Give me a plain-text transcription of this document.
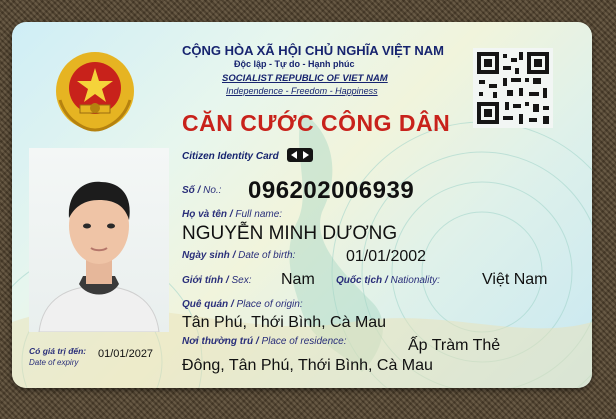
CỘNG HÒA XÃ HỘI CHỦ NGHĨA VIỆT NAM
Độc lập - Tự do - Hạnh phúc
SOCIALIST REPUBLIC OF VIET NAM
Independence - Freedom - Happiness
CĂN CƯỚC CÔNG DÂN
Citizen Identity Card
Số / No.: 096202006939
Họ và tên / Full name:
NGUYỄN MINH DƯƠNG
Ngày sinh / Date of birth:	01/01/2002
Giới tính / Sex: Nam Quốc tịch / Nationality:	Việt Nam
Quê quán / Place of origin:
Tân Phú, Thới Bình, Cà Mau
Nơi thường trú / Place of residence:	Ấp Tràm Thẻ
Đông, Tân Phú, Thới Bình, Cà Mau
Có giá trị đến:
Date of expiry
01/01/2027
